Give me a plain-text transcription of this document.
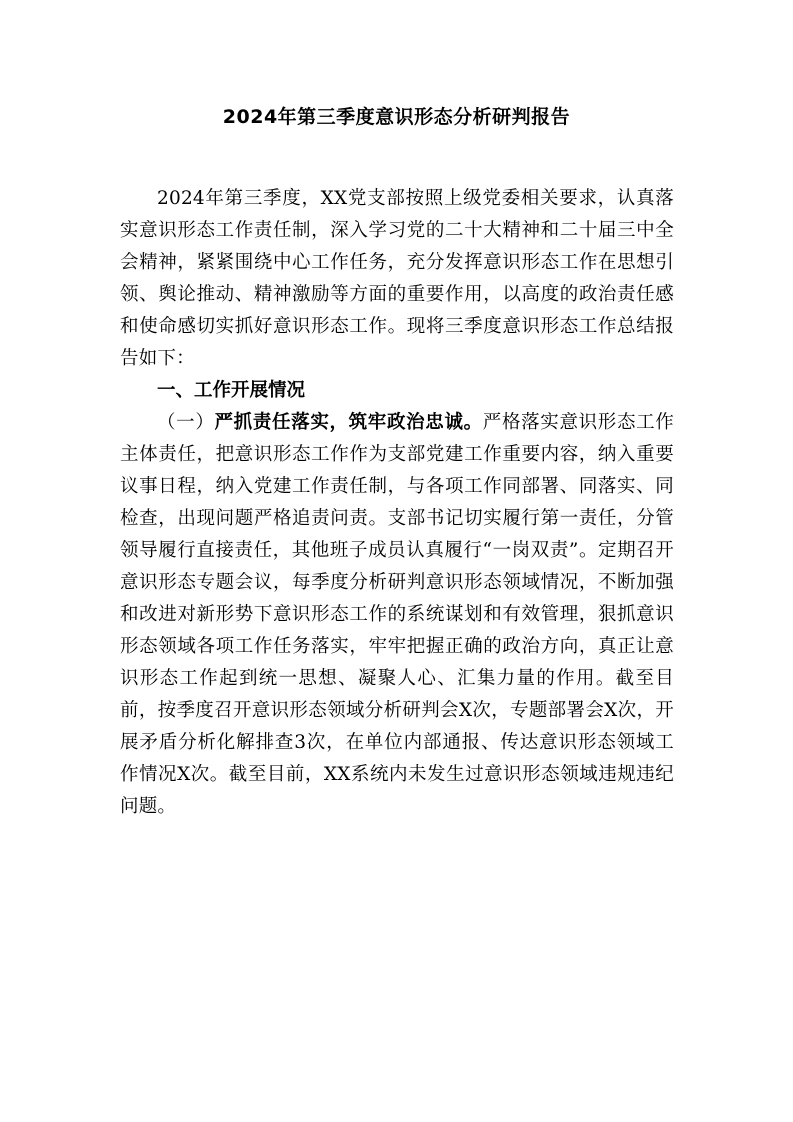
2024年第三季度意识形态分析研判报告

2024年第三季度，XX党支部按照上级党委相关要求，认真落实意识形态工作责任制，深入学习党的二十大精神和二十届三中全会精神，紧紧围绕中心工作任务，充分发挥意识形态工作在思想引领、舆论推动、精神激励等方面的重要作用，以高度的政治责任感和使命感切实抓好意识形态工作。现将三季度意识形态工作总结报告如下：

一、工作开展情况

（一）严抓责任落实，筑牢政治忠诚。严格落实意识形态工作主体责任，把意识形态工作作为支部党建工作重要内容，纳入重要议事日程，纳入党建工作责任制，与各项工作同部署、同落实、同检查，出现问题严格追责问责。支部书记切实履行第一责任，分管领导履行直接责任，其他班子成员认真履行“一岗双责”。定期召开意识形态专题会议，每季度分析研判意识形态领域情况，不断加强和改进对新形势下意识形态工作的系统谋划和有效管理，狠抓意识形态领域各项工作任务落实，牢牢把握正确的政治方向，真正让意识形态工作起到统一思想、凝聚人心、汇集力量的作用。截至目前，按季度召开意识形态领域分析研判会X次，专题部署会X次，开展矛盾分析化解排查3次，在单位内部通报、传达意识形态领域工作情况X次。截至目前，XX系统内未发生过意识形态领域违规违纪问题。
